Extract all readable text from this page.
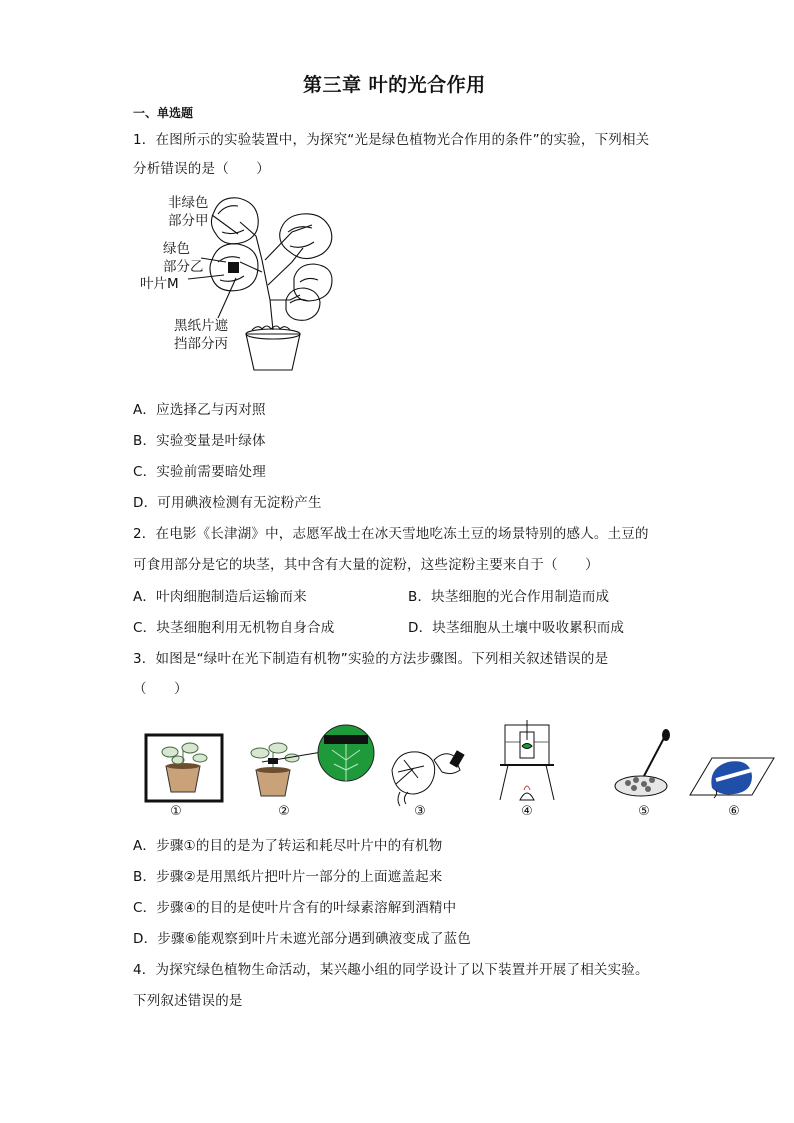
第三章 叶的光合作用
一、单选题
1．在图所示的实验装置中，为探究“光是绿色植物光合作用的条件”的实验，下列相关
分析错误的是（　　）
非绿色
部分甲
绿色
部分乙
叶片M
黑纸片遮
挡部分丙
A．应选择乙与丙对照
B．实验变量是叶绿体
C．实验前需要暗处理
D．可用碘液检测有无淀粉产生
2．在电影《长津湖》中，志愿军战士在冰天雪地吃冻土豆的场景特别的感人。土豆的
可食用部分是它的块茎，其中含有大量的淀粉，这些淀粉主要来自于（　　）
A．叶肉细胞制造后运输而来	B．块茎细胞的光合作用制造而成
C．块茎细胞利用无机物自身合成	D．块茎细胞从土壤中吸收累积而成
3．如图是“绿叶在光下制造有机物”实验的方法步骤图。下列相关叙述错误的是
（　　）
①	②	③	④	⑤	⑥
A．步骤①的目的是为了转运和耗尽叶片中的有机物
B．步骤②是用黑纸片把叶片一部分的上面遮盖起来
C．步骤④的目的是使叶片含有的叶绿素溶解到酒精中
D．步骤⑥能观察到叶片未遮光部分遇到碘液变成了蓝色
4．为探究绿色植物生命活动，某兴趣小组的同学设计了以下装置并开展了相关实验。
下列叙述错误的是
